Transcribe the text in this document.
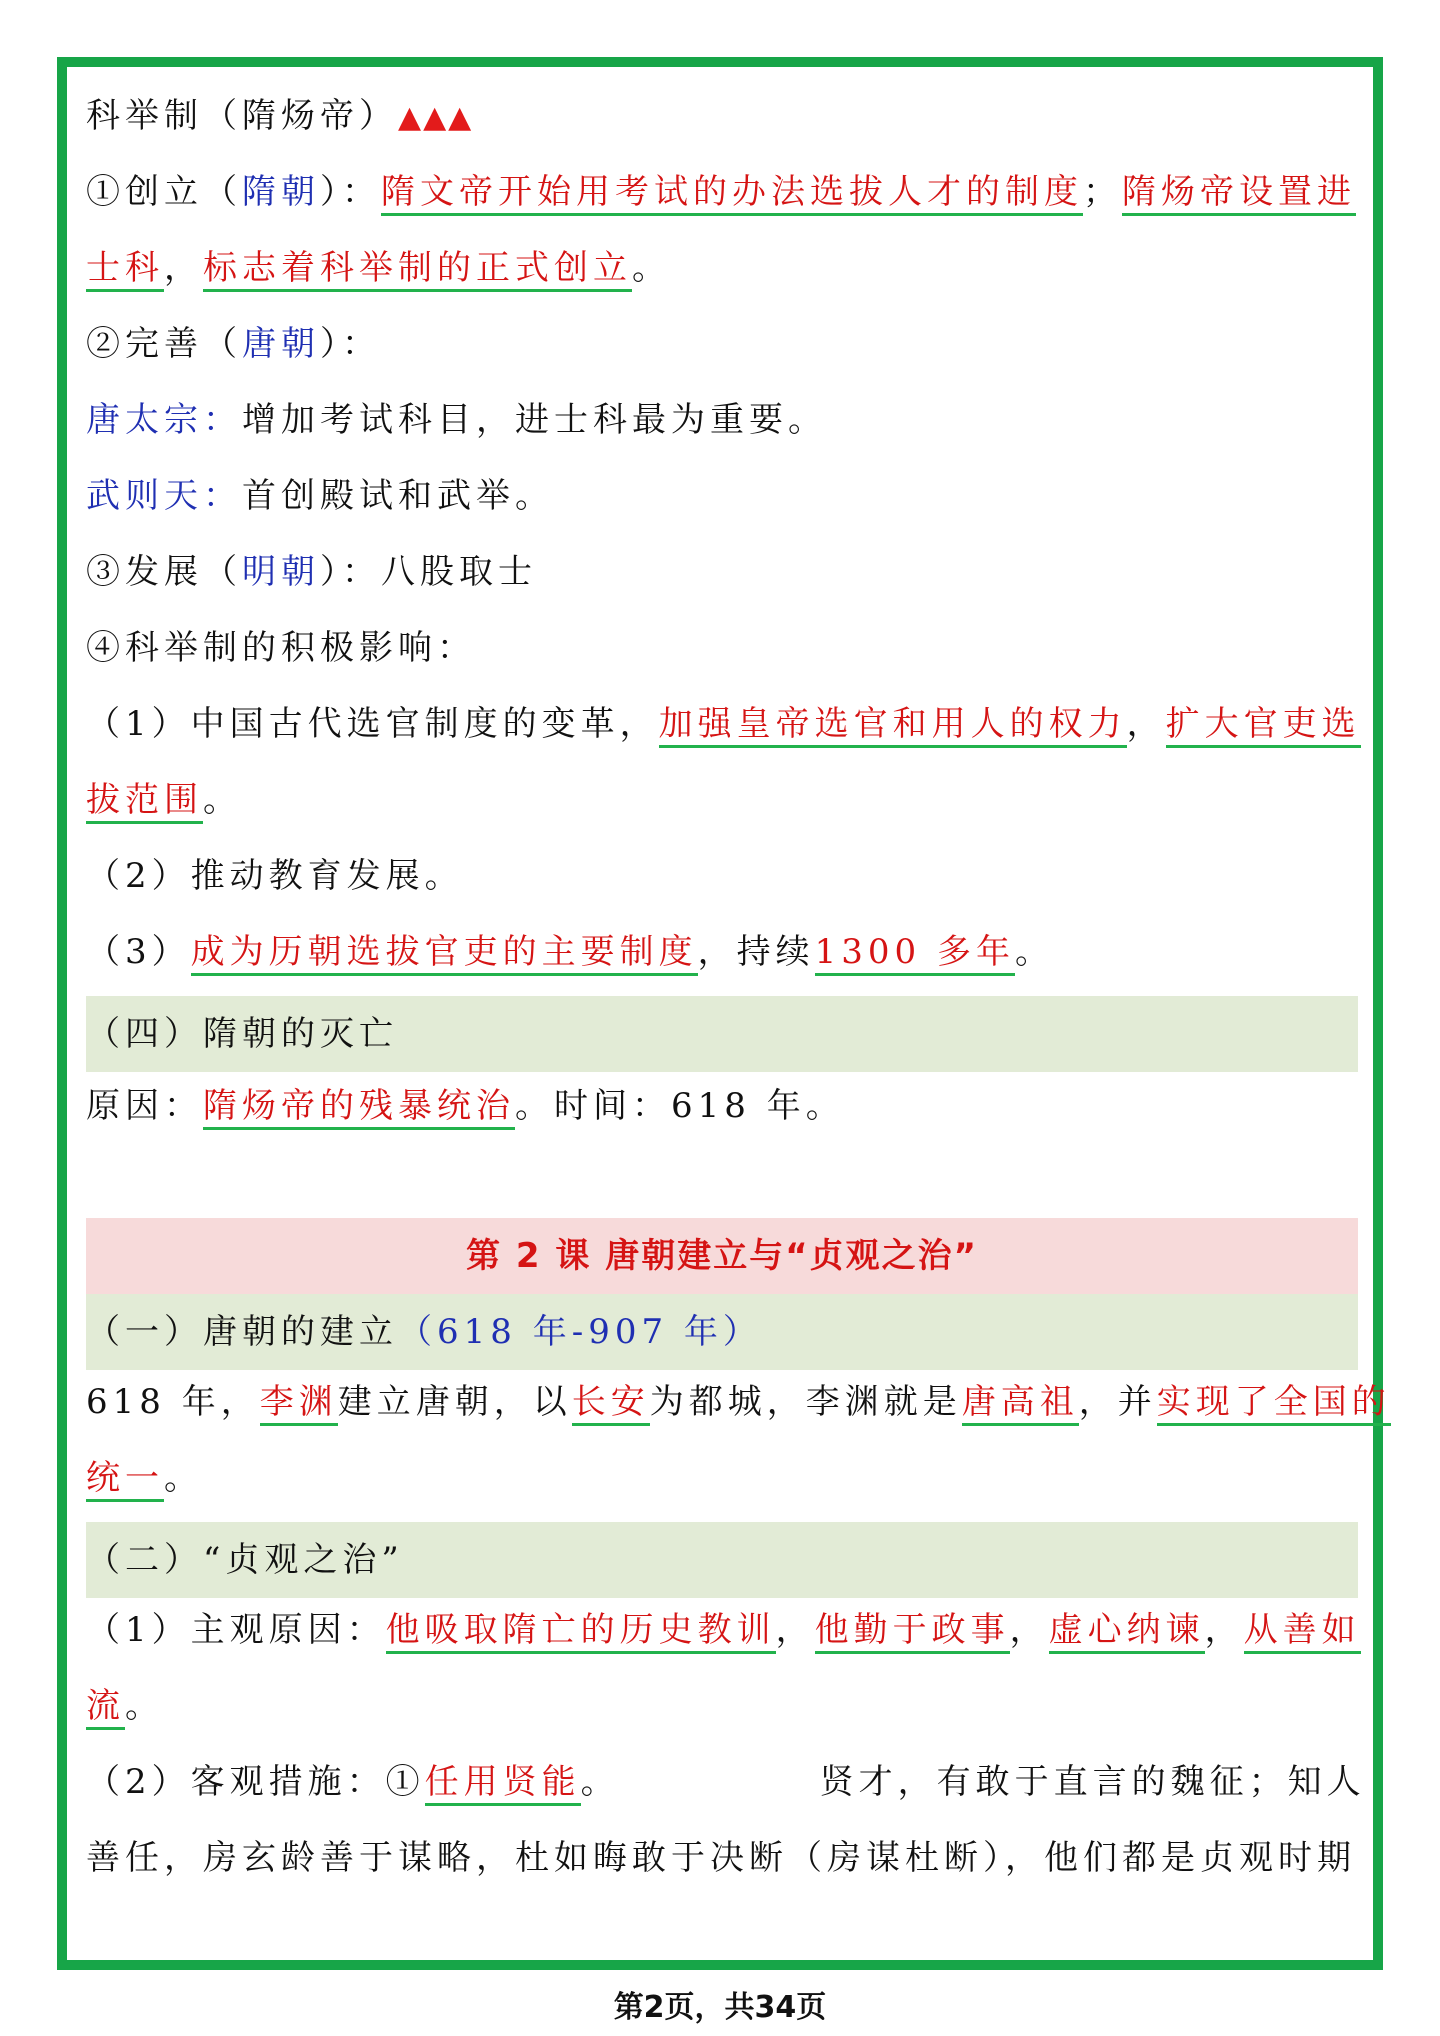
科举制（隋炀帝）▲▲▲
①创立（隋朝）：隋文帝开始用考试的办法选拔人才的制度；隋炀帝设置进
士科，标志着科举制的正式创立。
②完善（唐朝）：
唐太宗：增加考试科目，进士科最为重要。
武则天：首创殿试和武举。
③发展（明朝）：八股取士
④科举制的积极影响：
（1）中国古代选官制度的变革，加强皇帝选官和用人的权力，扩大官吏选
拔范围。
（2）推动教育发展。
（3）成为历朝选拔官吏的主要制度，持续1300 多年。
（四）隋朝的灭亡
原因：隋炀帝的残暴统治。时间：618 年。
第 2 课 唐朝建立与“贞观之治”
（一）唐朝的建立（618 年-907 年）
618 年，李渊建立唐朝，以长安为都城，李渊就是唐高祖，并实现了全国的
统一。
（二）“贞观之治”
（1）主观原因：他吸取隋亡的历史教训，他勤于政事，虚心纳谏，从善如
流。
（2）客观措施：①任用贤能。	贤才，有敢于直言的魏征；知人
善任，房玄龄善于谋略，杜如晦敢于决断（房谋杜断），他们都是贞观时期
第2页，共34页
